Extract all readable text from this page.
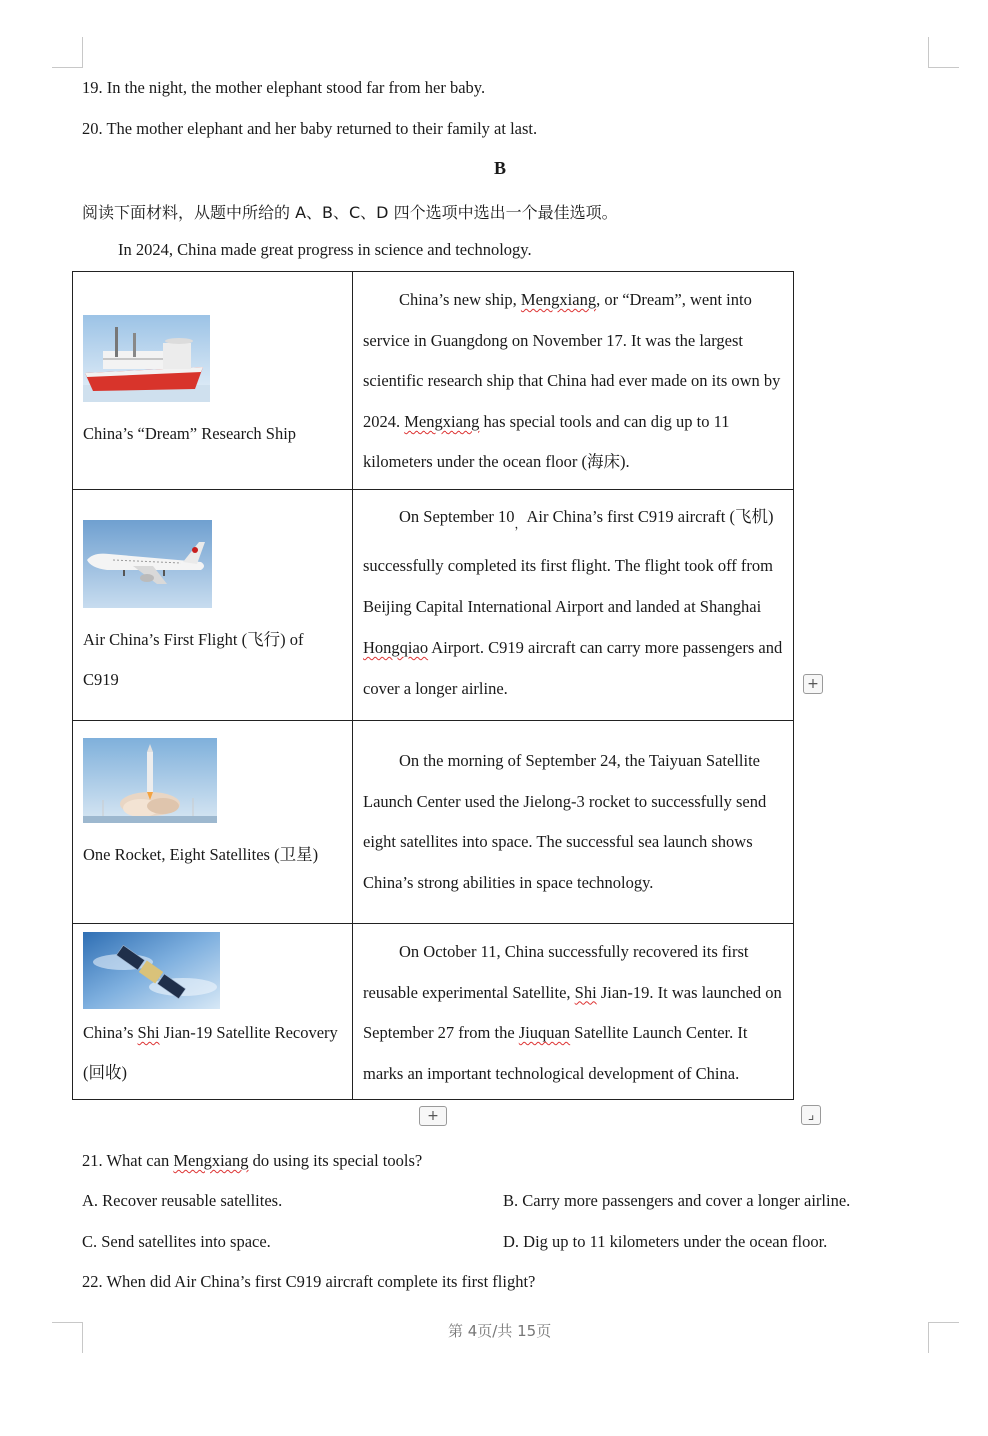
19. In the night, the mother elephant stood far from her baby.
20. The mother elephant and her baby returned to their family at last.
B
阅读下面材料，从题中所给的 A、B、C、D 四个选项中选出一个最佳选项。
In 2024, China made great progress in science and technology.
China’s “Dream” Research Ship	China’s new ship, Mengxiang, or “Dream”, went into service in Guangdong on November 17. It was the largest scientific research ship that China had ever made on its own by 2024. Mengxiang has special tools and can dig up to 11 kilometers under the ocean floor (海床).

Air China’s First Flight (飞行) of C919	On September $10_,Air$ China’s first C919 aircraft (飞机) successfully completed its first flight. The flight took off from Beijing Capital International Airport and landed at Shanghai Hongqiao Airport. C919 aircraft can carry more passengers and cover a longer airline.

One Rocket, Eight Satellites (卫星)	On the morning of September 24, the Taiyuan Satellite Launch Center used the Jielong-3 rocket to successfully send eight satellites into space. The successful sea launch shows China’s strong abilities in space technology.

China’s Shi Jian-19 Satellite Recovery (回收)	On October 11, China successfully recovered its first reusable experimental Satellite, Shi Jian-19. It was launched on September 27 from the Jiuquan Satellite Launch Center. It marks an important technological development of China.
+
+	⌟
21. What can Mengxiang do using its special tools?
A. Recover reusable satellites.	B. Carry more passengers and cover a longer airline.
C. Send satellites into space.	D. Dig up to 11 kilometers under the ocean floor.
22. When did Air China’s first C919 aircraft complete its first flight?
第 4页/共 15页
